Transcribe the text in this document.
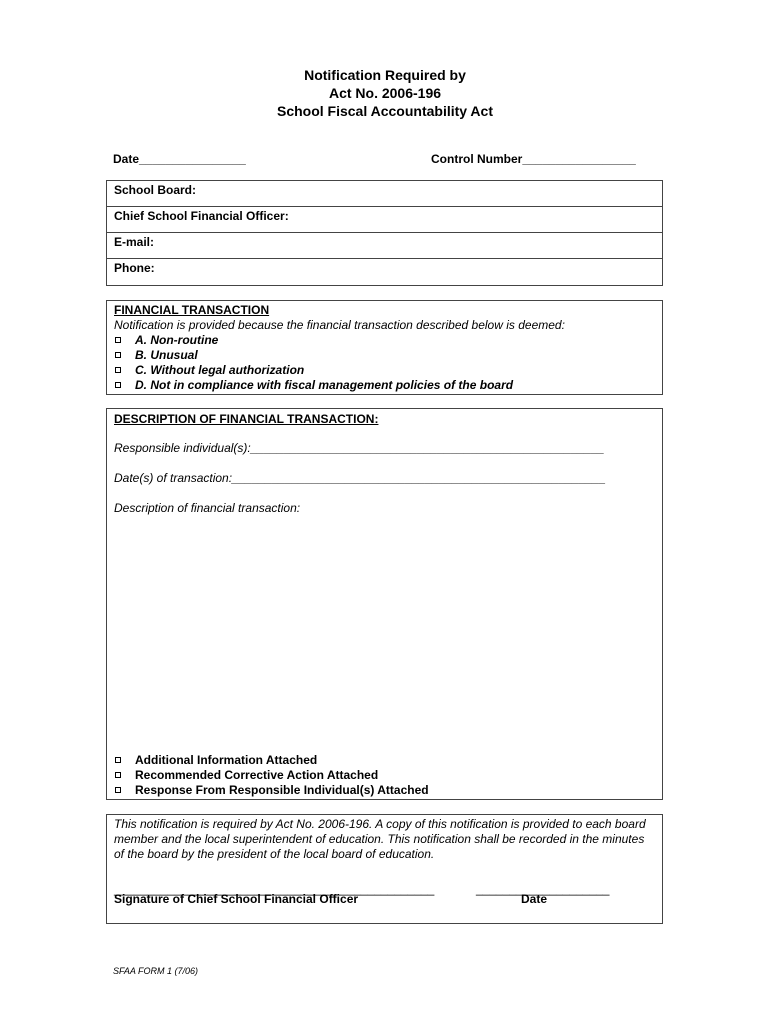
Notification Required by
Act No. 2006-196
School Fiscal Accountability Act
Date________________	Control Number_________________
School Board:
Chief School Financial Officer:
E-mail:
Phone:
FINANCIAL TRANSACTION
Notification is provided because the financial transaction described below is deemed:
A. Non-routine
B. Unusual
C. Without legal authorization
D. Not in compliance with fiscal management policies of the board
DESCRIPTION OF FINANCIAL TRANSACTION:
Responsible individual(s):_____________________________________________________
Date(s) of transaction:________________________________________________________
Description of financial transaction:
Additional Information Attached
Recommended Corrective Action Attached
Response From Responsible Individual(s) Attached
This notification is required by Act No. 2006-196. A copy of this notification is provided to each board member and the local superintendent of education. This notification shall be recorded in the minutes of the board by the president of the local board of education.
________________________________________________
Signature of Chief School Financial Officer
____________________
Date
SFAA FORM 1 (7/06)
